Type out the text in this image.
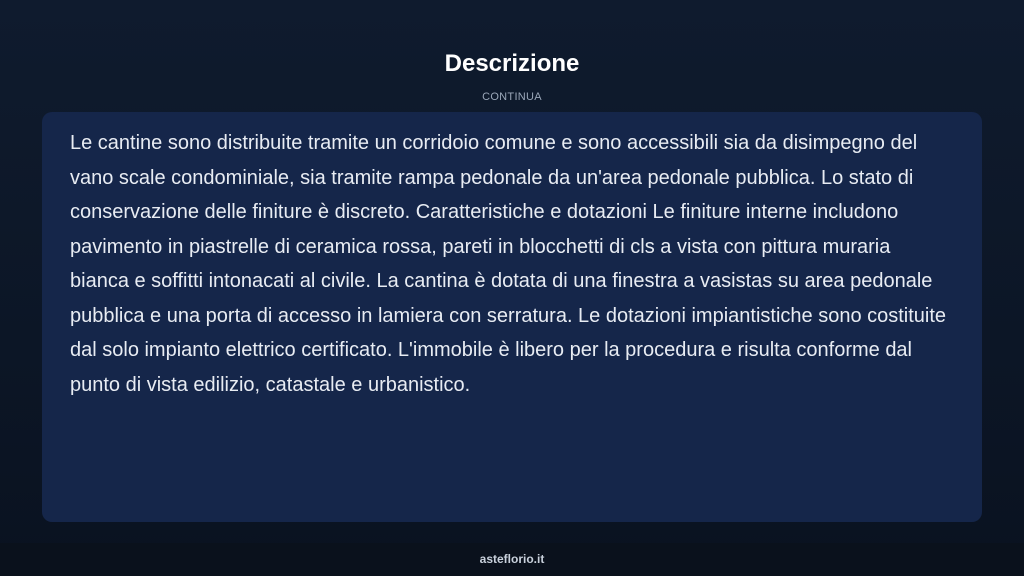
Descrizione
CONTINUA

Le cantine sono distribuite tramite un corridoio comune e sono accessibili sia da disimpegno del vano scale condominiale, sia tramite rampa pedonale da un'area pedonale pubblica. Lo stato di conservazione delle finiture è discreto. Caratteristiche e dotazioni Le finiture interne includono pavimento in piastrelle di ceramica rossa, pareti in blocchetti di cls a vista con pittura muraria bianca e soffitti intonacati al civile. La cantina è dotata di una finestra a vasistas su area pedonale pubblica e una porta di accesso in lamiera con serratura. Le dotazioni impiantistiche sono costituite dal solo impianto elettrico certificato. L'immobile è libero per la procedura e risulta conforme dal punto di vista edilizio, catastale e urbanistico.

asteflorio.it
